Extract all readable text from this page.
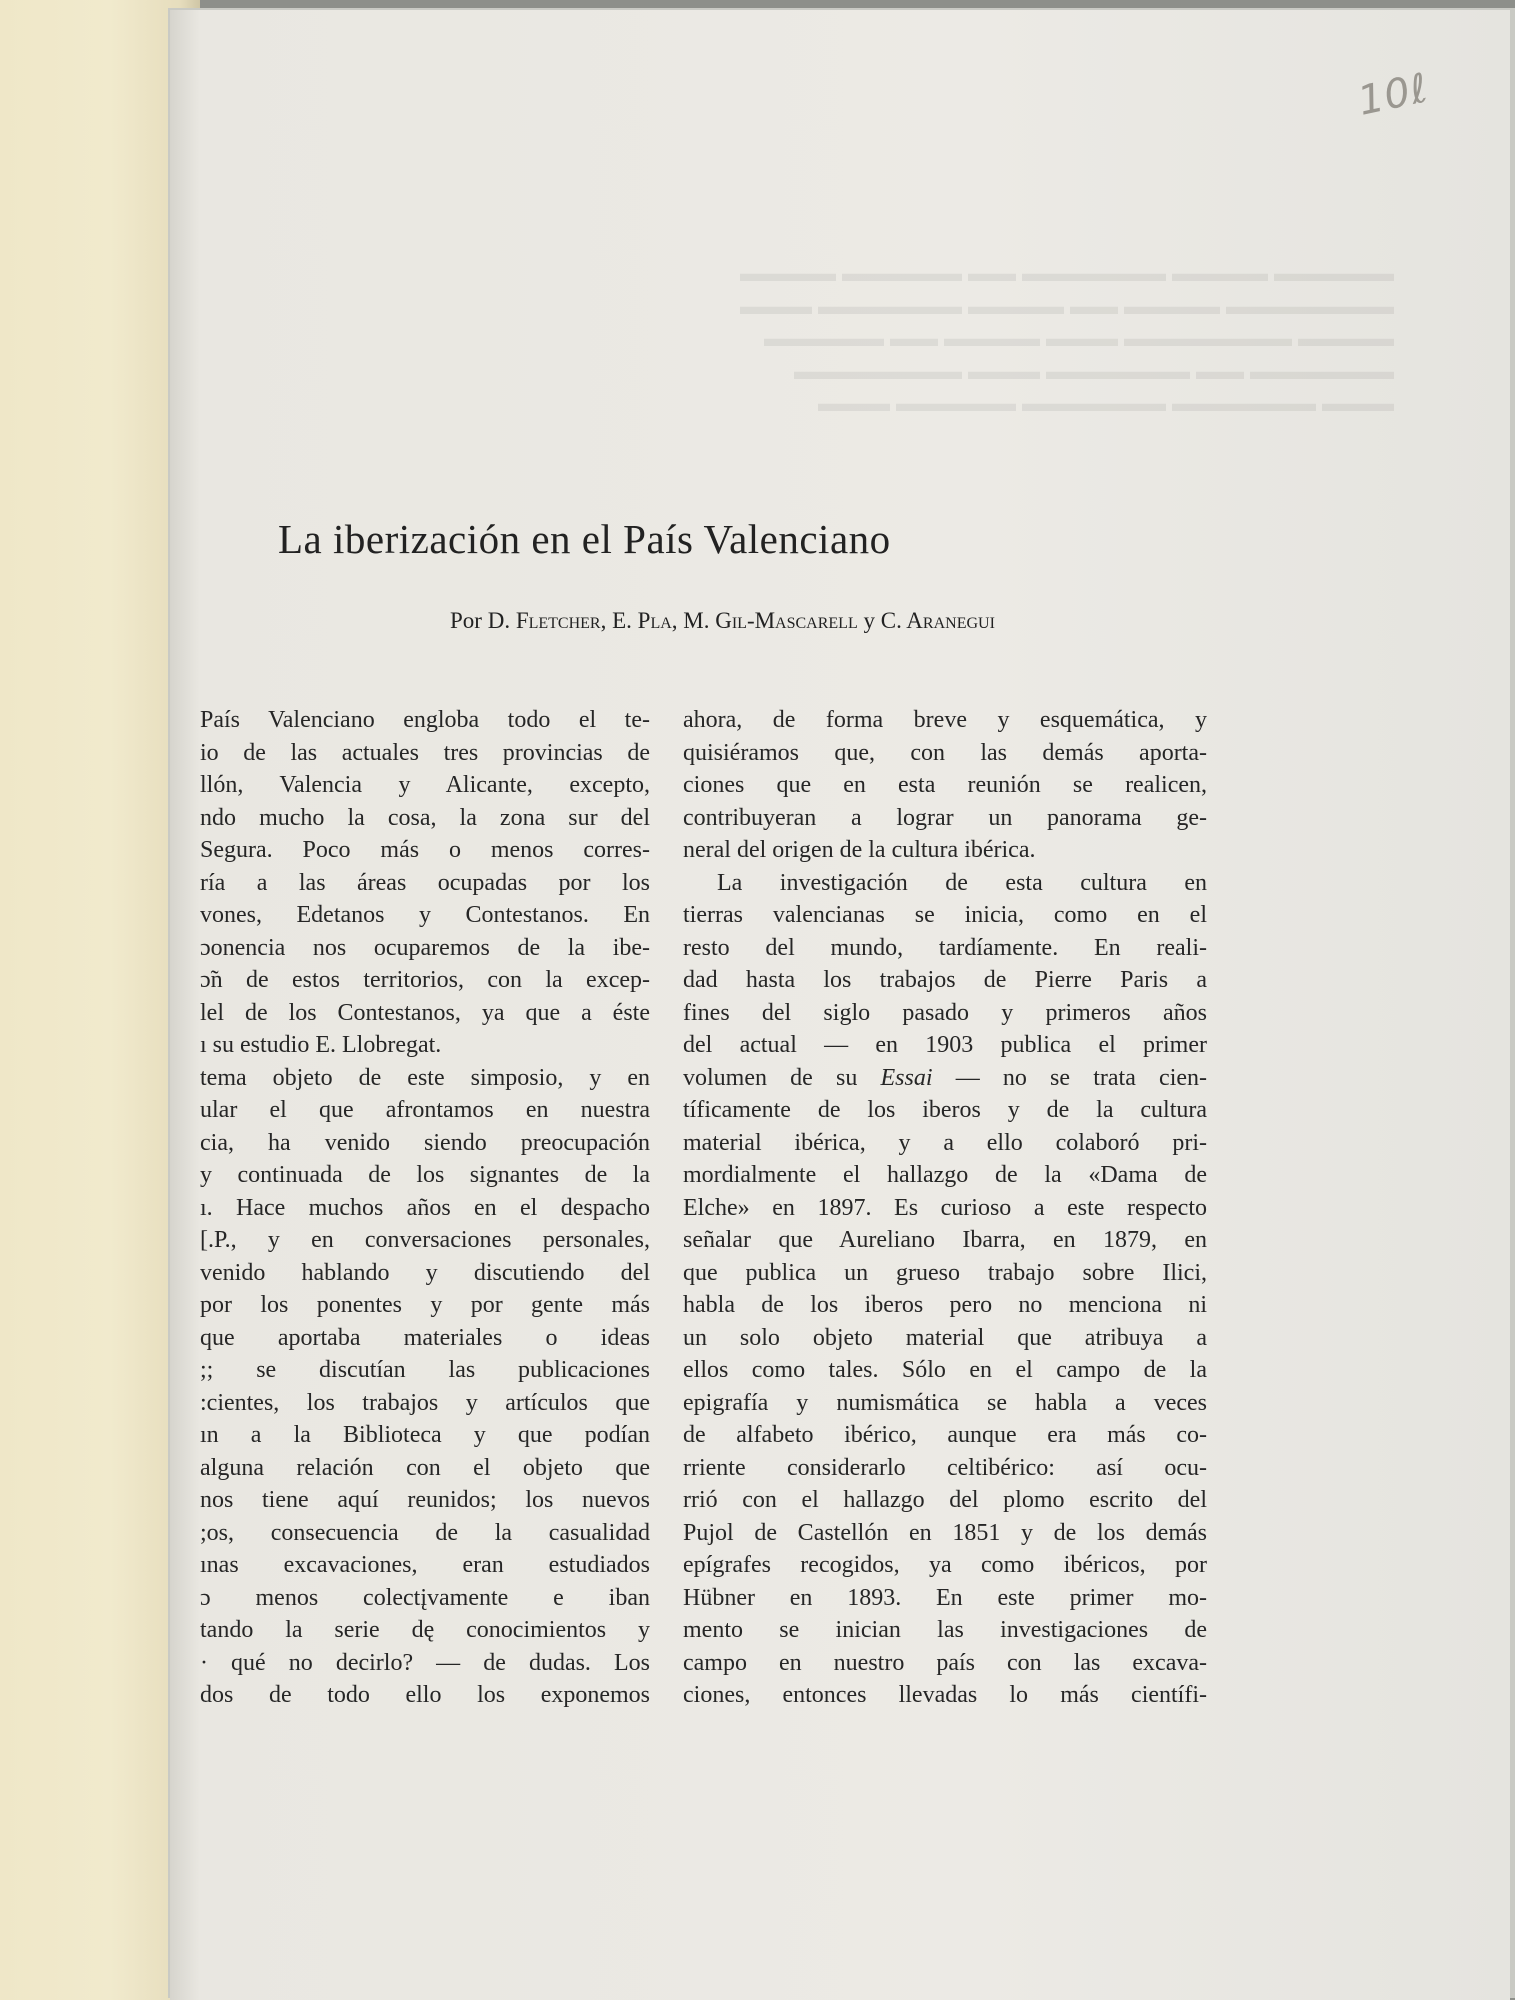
▬▬▬▬▬ ▬▬▬▬ ▬▬▬▬▬▬ ▬▬ ▬▬▬▬▬ ▬▬▬▬
▬▬▬▬▬▬▬ ▬▬▬▬ ▬▬ ▬▬▬▬ ▬▬▬▬▬▬ ▬▬▬
▬▬▬▬ ▬▬▬▬▬▬▬ ▬▬▬ ▬▬▬▬ ▬▬ ▬▬▬▬▬
▬▬▬▬▬▬ ▬▬ ▬▬▬▬▬▬ ▬▬▬ ▬▬▬▬▬▬▬
▬▬▬ ▬▬▬▬▬▬ ▬▬▬▬▬▬ ▬▬▬▬▬ ▬▬▬
10ℓ
La iberización en el País Valenciano
Por D. Fletcher, E. Pla, M. Gil-Mascarell y C. Aranegui
País Valenciano engloba todo el te-
io de las actuales tres provincias de
llón, Valencia y Alicante, excepto,
ndo mucho la cosa, la zona sur del
Segura. Poco más o menos corres-
ría a las áreas ocupadas por los
vones, Edetanos y Contestanos. En
ɔonencia nos ocuparemos de la ibe-
ɔ̃n de estos territorios, con la excep-
lel de los Contestanos, ya que a éste
ı su estudio E. Llobregat.
tema objeto de este simposio, y en
ular el que afrontamos en nuestra
cia, ha venido siendo preocupación
y continuada de los signantes de la
ı. Hace muchos años en el despacho
[.P., y en conversaciones personales,
venido hablando y discutiendo del
por los ponentes y por gente más
que aportaba materiales o ideas
;; se discutían las publicaciones
:cientes, los trabajos y artículos que
ın a la Biblioteca y que podían
alguna relación con el objeto que
nos tiene aquí reunidos; los nuevos
;os, consecuencia de la casualidad
ınas excavaciones, eran estudiados
ɔ menos colectįvamente e iban
tando la serie dę conocimientos y
· qué no decirlo? — de dudas. Los
dos de todo ello los exponemos
ahora, de forma breve y esquemática, y
quisiéramos que, con las demás aporta-
ciones que en esta reunión se realicen,
contribuyeran a lograr un panorama ge-
neral del origen de la cultura ibérica.
La investigación de esta cultura en
tierras valencianas se inicia, como en el
resto del mundo, tardíamente. En reali-
dad hasta los trabajos de Pierre Paris a
fines del siglo pasado y primeros años
del actual — en 1903 publica el primer
volumen de su Essai — no se trata cien-
tíficamente de los iberos y de la cultura
material ibérica, y a ello colaboró pri-
mordialmente el hallazgo de la «Dama de
Elche» en 1897. Es curioso a este respecto
señalar que Aureliano Ibarra, en 1879, en
que publica un grueso trabajo sobre Ilici,
habla de los iberos pero no menciona ni
un solo objeto material que atribuya a
ellos como tales. Sólo en el campo de la
epigrafía y numismática se habla a veces
de alfabeto ibérico, aunque era más co-
rriente considerarlo celtibérico: así ocu-
rrió con el hallazgo del plomo escrito del
Pujol de Castellón en 1851 y de los demás
epígrafes recogidos, ya como ibéricos, por
Hübner en 1893. En este primer mo-
mento se inician las investigaciones de
campo en nuestro país con las excava-
ciones, entonces llevadas lo más científi-
